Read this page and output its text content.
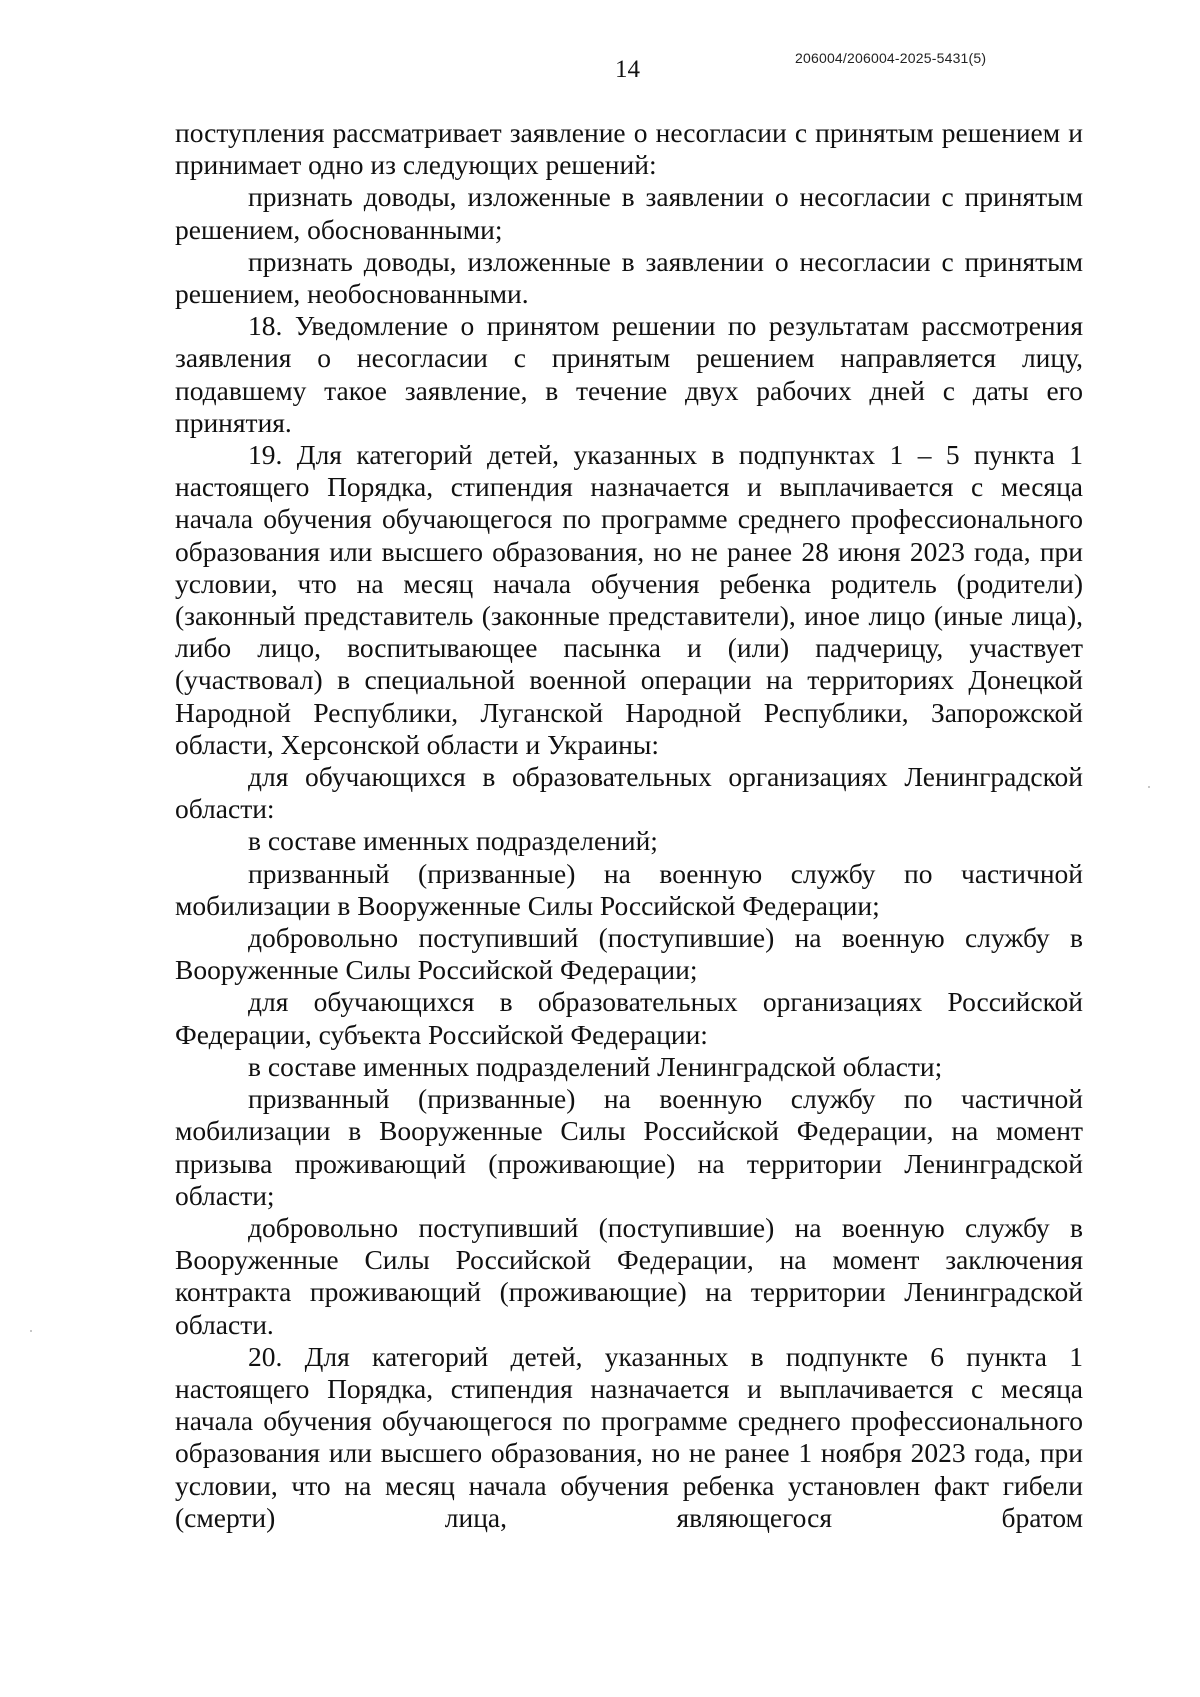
206004/206004-2025-5431(5)
14

поступления рассматривает заявление о несогласии с принятым решением и принимает одно из следующих решений:

признать доводы, изложенные в заявлении о несогласии с принятым решением, обоснованными;

признать доводы, изложенные в заявлении о несогласии с принятым решением, необоснованными.

18. Уведомление о принятом решении по результатам рассмотрения заявления о несогласии с принятым решением направляется лицу, подавшему такое заявление, в течение двух рабочих дней с даты его принятия.

19. Для категорий детей, указанных в подпунктах 1 – 5 пункта 1 настоящего Порядка, стипендия назначается и выплачивается с месяца начала обучения обучающегося по программе среднего профессионального образования или высшего образования, но не ранее 28 июня 2023 года, при условии, что на месяц начала обучения ребенка родитель (родители) (законный представитель (законные представители), иное лицо (иные лица), либо лицо, воспитывающее пасынка и (или) падчерицу, участвует (участвовал) в специальной военной операции на территориях Донецкой Народной Республики, Луганской Народной Республики, Запорожской области, Херсонской области и Украины:

для обучающихся в образовательных организациях Ленинградской области:

в составе именных подразделений;

призванный (призванные) на военную службу по частичной мобилизации в Вооруженные Силы Российской Федерации;

добровольно поступивший (поступившие) на военную службу в Вооруженные Силы Российской Федерации;

для обучающихся в образовательных организациях Российской Федерации, субъекта Российской Федерации:

в составе именных подразделений Ленинградской области;

призванный (призванные) на военную службу по частичной мобилизации в Вооруженные Силы Российской Федерации, на момент призыва проживающий (проживающие) на территории Ленинградской области;

добровольно поступивший (поступившие) на военную службу в Вооруженные Силы Российской Федерации, на момент заключения контракта проживающий (проживающие) на территории Ленинградской области.

20. Для категорий детей, указанных в подпункте 6 пункта 1 настоящего Порядка, стипендия назначается и выплачивается с месяца начала обучения обучающегося по программе среднего профессионального образования или высшего образования, но не ранее 1 ноября 2023 года, при условии, что на месяц начала обучения ребенка установлен факт гибели (смерти) лица, являющегося братом
